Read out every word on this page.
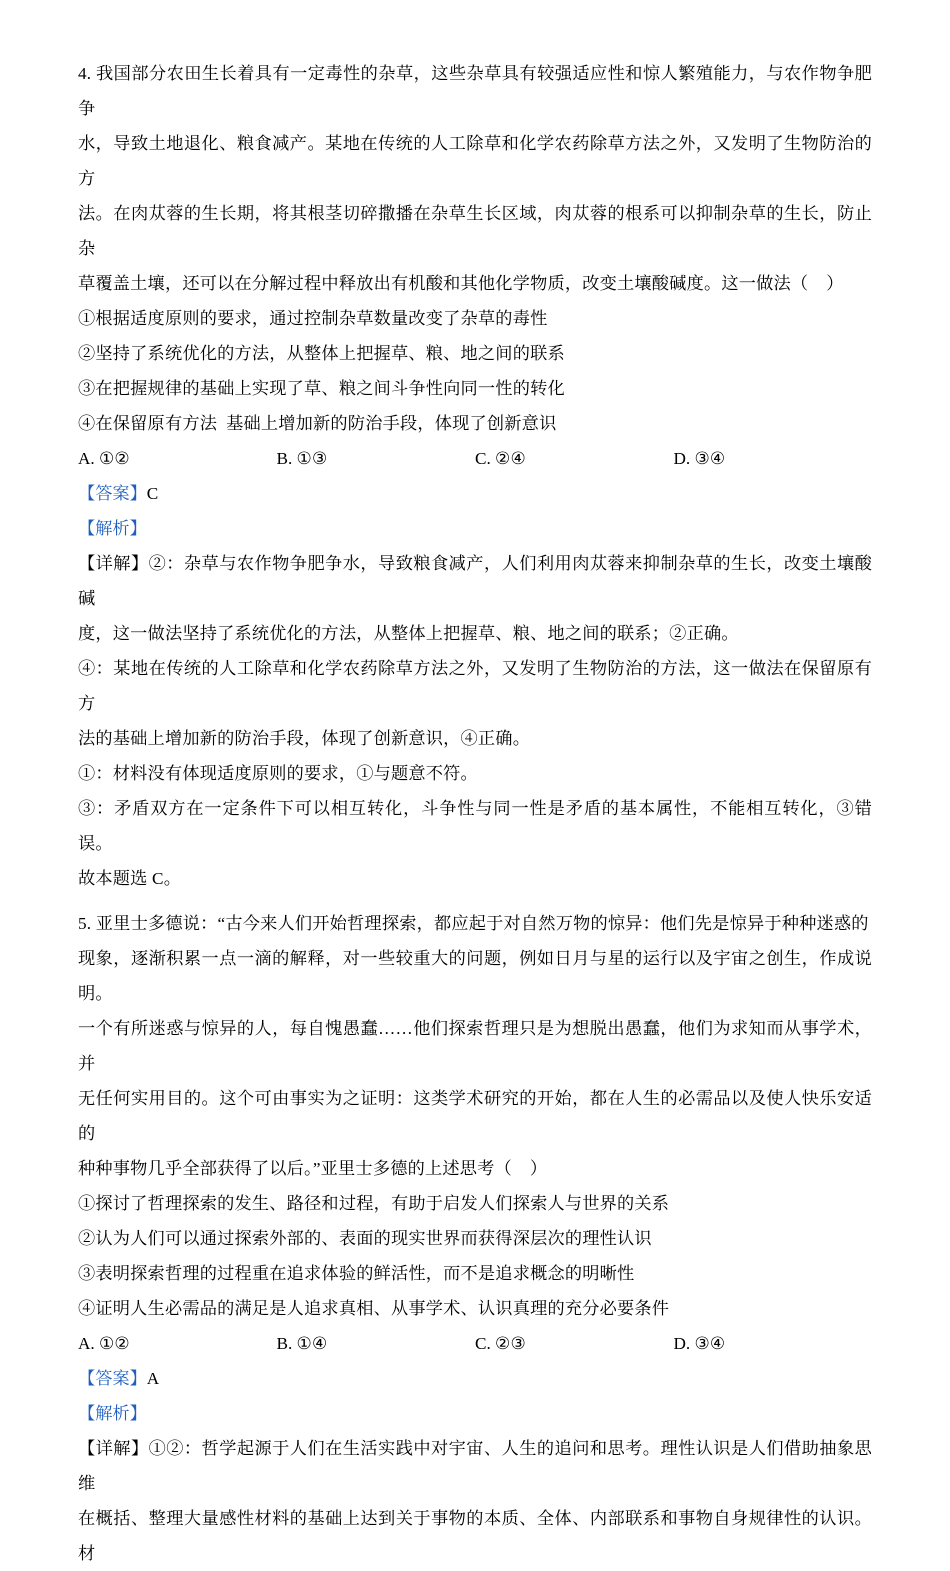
4. 我国部分农田生长着具有一定毒性的杂草，这些杂草具有较强适应性和惊人繁殖能力，与农作物争肥争

水，导致土地退化、粮食减产。某地在传统的人工除草和化学农药除草方法之外，又发明了生物防治的方

法。在肉苁蓉的生长期，将其根茎切碎撒播在杂草生长区域，肉苁蓉的根系可以抑制杂草的生长，防止杂

草覆盖土壤，还可以在分解过程中释放出有机酸和其他化学物质，改变土壤酸碱度。这一做法（    ）

①根据适度原则的要求，通过控制杂草数量改变了杂草的毒性

②坚持了系统优化的方法，从整体上把握草、粮、地之间的联系

③在把握规律的基础上实现了草、粮之间斗争性向同一性的转化

④在保留原有方法  基础上增加新的防治手段，体现了创新意识

A. ①②	B. ①③	C. ②④	D. ③④

【答案】C

【解析】

【详解】②：杂草与农作物争肥争水，导致粮食减产，人们利用肉苁蓉来抑制杂草的生长，改变土壤酸碱

度，这一做法坚持了系统优化的方法，从整体上把握草、粮、地之间的联系；②正确。

④：某地在传统的人工除草和化学农药除草方法之外，又发明了生物防治的方法，这一做法在保留原有方

法的基础上增加新的防治手段，体现了创新意识，④正确。

①：材料没有体现适度原则的要求，①与题意不符。

③：矛盾双方在一定条件下可以相互转化，斗争性与同一性是矛盾的基本属性，不能相互转化，③错误。

故本题选 C。

5. 亚里士多德说：“古今来人们开始哲理探索，都应起于对自然万物的惊异：他们先是惊异于种种迷惑的

现象，逐渐积累一点一滴的解释，对一些较重大的问题，例如日月与星的运行以及宇宙之创生，作成说明。

一个有所迷惑与惊异的人，每自愧愚蠢……他们探索哲理只是为想脱出愚蠢，他们为求知而从事学术，并

无任何实用目的。这个可由事实为之证明：这类学术研究的开始，都在人生的必需品以及使人快乐安适的

种种事物几乎全部获得了以后。”亚里士多德的上述思考（    ）

①探讨了哲理探索的发生、路径和过程，有助于启发人们探索人与世界的关系

②认为人们可以通过探索外部的、表面的现实世界而获得深层次的理性认识

③表明探索哲理的过程重在追求体验的鲜活性，而不是追求概念的明晰性

④证明人生必需品的满足是人追求真相、从事学术、认识真理的充分必要条件

A. ①②	B. ①④	C. ②③	D. ③④

【答案】A

【解析】

【详解】①②：哲学起源于人们在生活实践中对宇宙、人生的追问和思考。理性认识是人们借助抽象思维

在概括、整理大量感性材料的基础上达到关于事物的本质、全体、内部联系和事物自身规律性的认识。材
